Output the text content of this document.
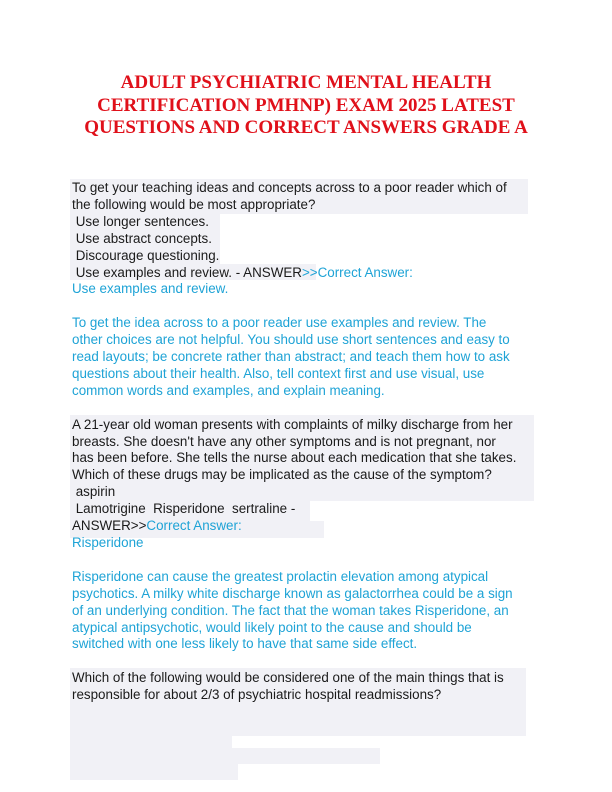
ADULT PSYCHIATRIC MENTAL HEALTH
CERTIFICATION PMHNP) EXAM 2025 LATEST
QUESTIONS AND CORRECT ANSWERS GRADE A
To get your teaching ideas and concepts across to a poor reader which of
the following would be most appropriate?
Use longer sentences.
Use abstract concepts.
Discourage questioning.
Use examples and review. - ANSWER>>Correct Answer:
Use examples and review.
To get the idea across to a poor reader use examples and review. The
other choices are not helpful. You should use short sentences and easy to
read layouts; be concrete rather than abstract; and teach them how to ask
questions about their health. Also, tell context first and use visual, use
common words and examples, and explain meaning.
A 21-year old woman presents with complaints of milky discharge from her
breasts. She doesn't have any other symptoms and is not pregnant, nor
has been before. She tells the nurse about each medication that she takes.
Which of these drugs may be implicated as the cause of the symptom?
aspirin
Lamotrigine  Risperidone  sertraline -
ANSWER>>Correct Answer:
Risperidone
Risperidone can cause the greatest prolactin elevation among atypical
psychotics. A milky white discharge known as galactorrhea could be a sign
of an underlying condition. The fact that the woman takes Risperidone, an
atypical antipsychotic, would likely point to the cause and should be
switched with one less likely to have that same side effect.
Which of the following would be considered one of the main things that is
responsible for about 2/3 of psychiatric hospital readmissions?
